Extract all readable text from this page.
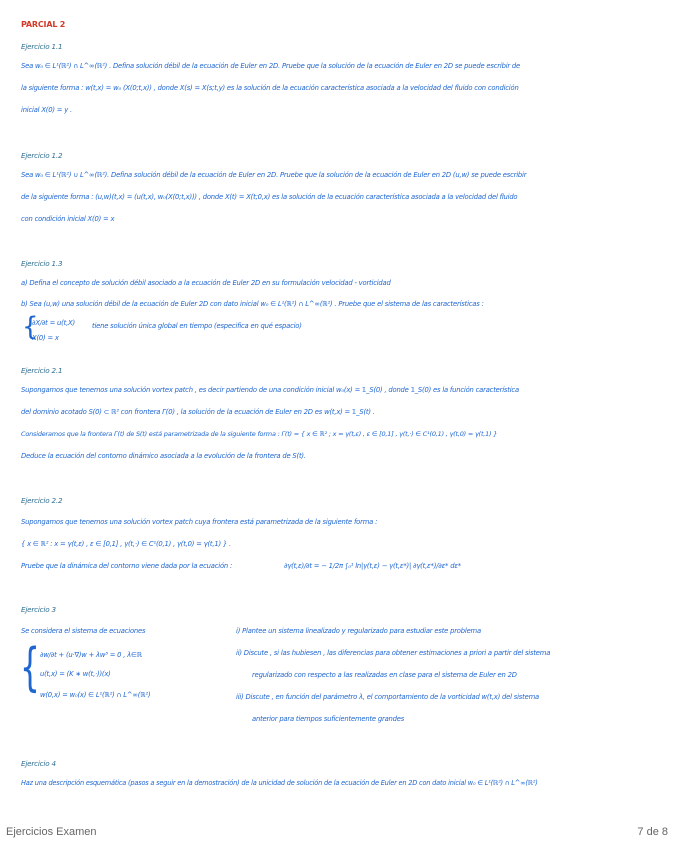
PARCIAL 2
Ejercicio 1.1
Sea w₀ ∈ L¹(ℝ²) ∩ L^∞(ℝ²) . Defina solución débil de la ecuación de Euler en 2D. Pruebe que la solución de la ecuación de Euler en 2D se puede escribir de
la siguiente forma : w(t,x) = w₀ (X(0;t,x)) , donde X(s) = X(s;t,y) es la solución de la ecuación característica asociada a la velocidad del fluido con condición
inicial X(0) = y .
Ejercicio 1.2
Sea w₀ ∈ L¹(ℝ²) ∪ L^∞(ℝ²). Defina solución débil de la ecuación de Euler en 2D. Pruebe que la solución de la ecuación de Euler en 2D (u,w) se puede escribir
de la siguiente forma : (u,w)(t,x) = (u(t,x), w₀(X(0;t,x))) , donde X(t) = X(t;0,x) es la solución de la ecuación característica asociada a la velocidad del fluido
con condición inicial X(0) = x
Ejercicio 1.3
a) Defina el concepto de solución débil asociado a la ecuación de Euler 2D en su formulación velocidad - vorticidad
b) Sea (u,w) una solución débil de la ecuación de Euler 2D con dato inicial w₀ ∈ L¹(ℝ²) ∩ L^∞(ℝ²) . Pruebe que el sistema de las características :
{
∂X/∂t = u(t,X)	tiene solución única global en tiempo (especifica en qué espacio)
X(0) = x
Ejercicio 2.1
Supongamos que tenemos una solución vortex patch , es decir partiendo de una condición inicial w₀(x) = 𝟙_S(0) , donde 𝟙_S(0) es la función característica
del dominio acotado S(0) ⊂ ℝ² con frontera Γ(0) , la solución de la ecuación de Euler en 2D es w(t,x) = 𝟙_S(t) .
Consideramos que la frontera Γ(t) de S(t) está parametrizada de la siguiente forma : Γ(t) = { x ∈ ℝ² ; x = γ(t,ε) , ε ∈ [0,1] , γ(t,·) ∈ C¹(0,1) , γ(t,0) = γ(t,1) }
Deduce la ecuación del contorno dinámico asociada a la evolución de la frontera de S(t).
Ejercicio 2.2
Supongamos que tenemos una solución vortex patch cuya frontera está parametrizada de la siguiente forma :
{ x ∈ ℝ² : x = γ(t,ε) , ε ∈ [0,1] , γ(t,·) ∈ C¹(0,1) , γ(t,0) = γ(t,1) } .
Pruebe que la dinámica del contorno viene dada por la ecuación :	∂γ(t,ε)/∂t = − 1/2π ∫₀¹ ln|γ(t,ε) − γ(t,ε*)| ∂γ(t,ε*)/∂ε* dε*
Ejercicio 3
Se considera el sistema de ecuaciones
{ ∂w/∂t + (u·∇)w + λw³ = 0 , λ∈ℝ
u(t,x) = (K ∗ w(t,·))(x)
w(0,x) = w₀(x) ∈ L¹(ℝ²) ∩ L^∞(ℝ²)
i) Plantee un sistema linealizado y regularizado para estudiar este problema
ii) Discute , si las hubiesen , las diferencias para obtener estimaciones a priori a partir del sistema
regularizado con respecto a las realizadas en clase para el sistema de Euler en 2D
iii) Discute , en función del parámetro λ, el comportamiento de la vorticidad w(t,x) del sistema
anterior para tiempos suficientemente grandes
Ejercicio 4
Haz una descripción esquemática (pasos a seguir en la demostración) de la unicidad de solución de la ecuación de Euler en 2D con dato inicial w₀ ∈ L¹(ℝ²) ∩ L^∞(ℝ²)
Ejercicios Examen	7 de 8
